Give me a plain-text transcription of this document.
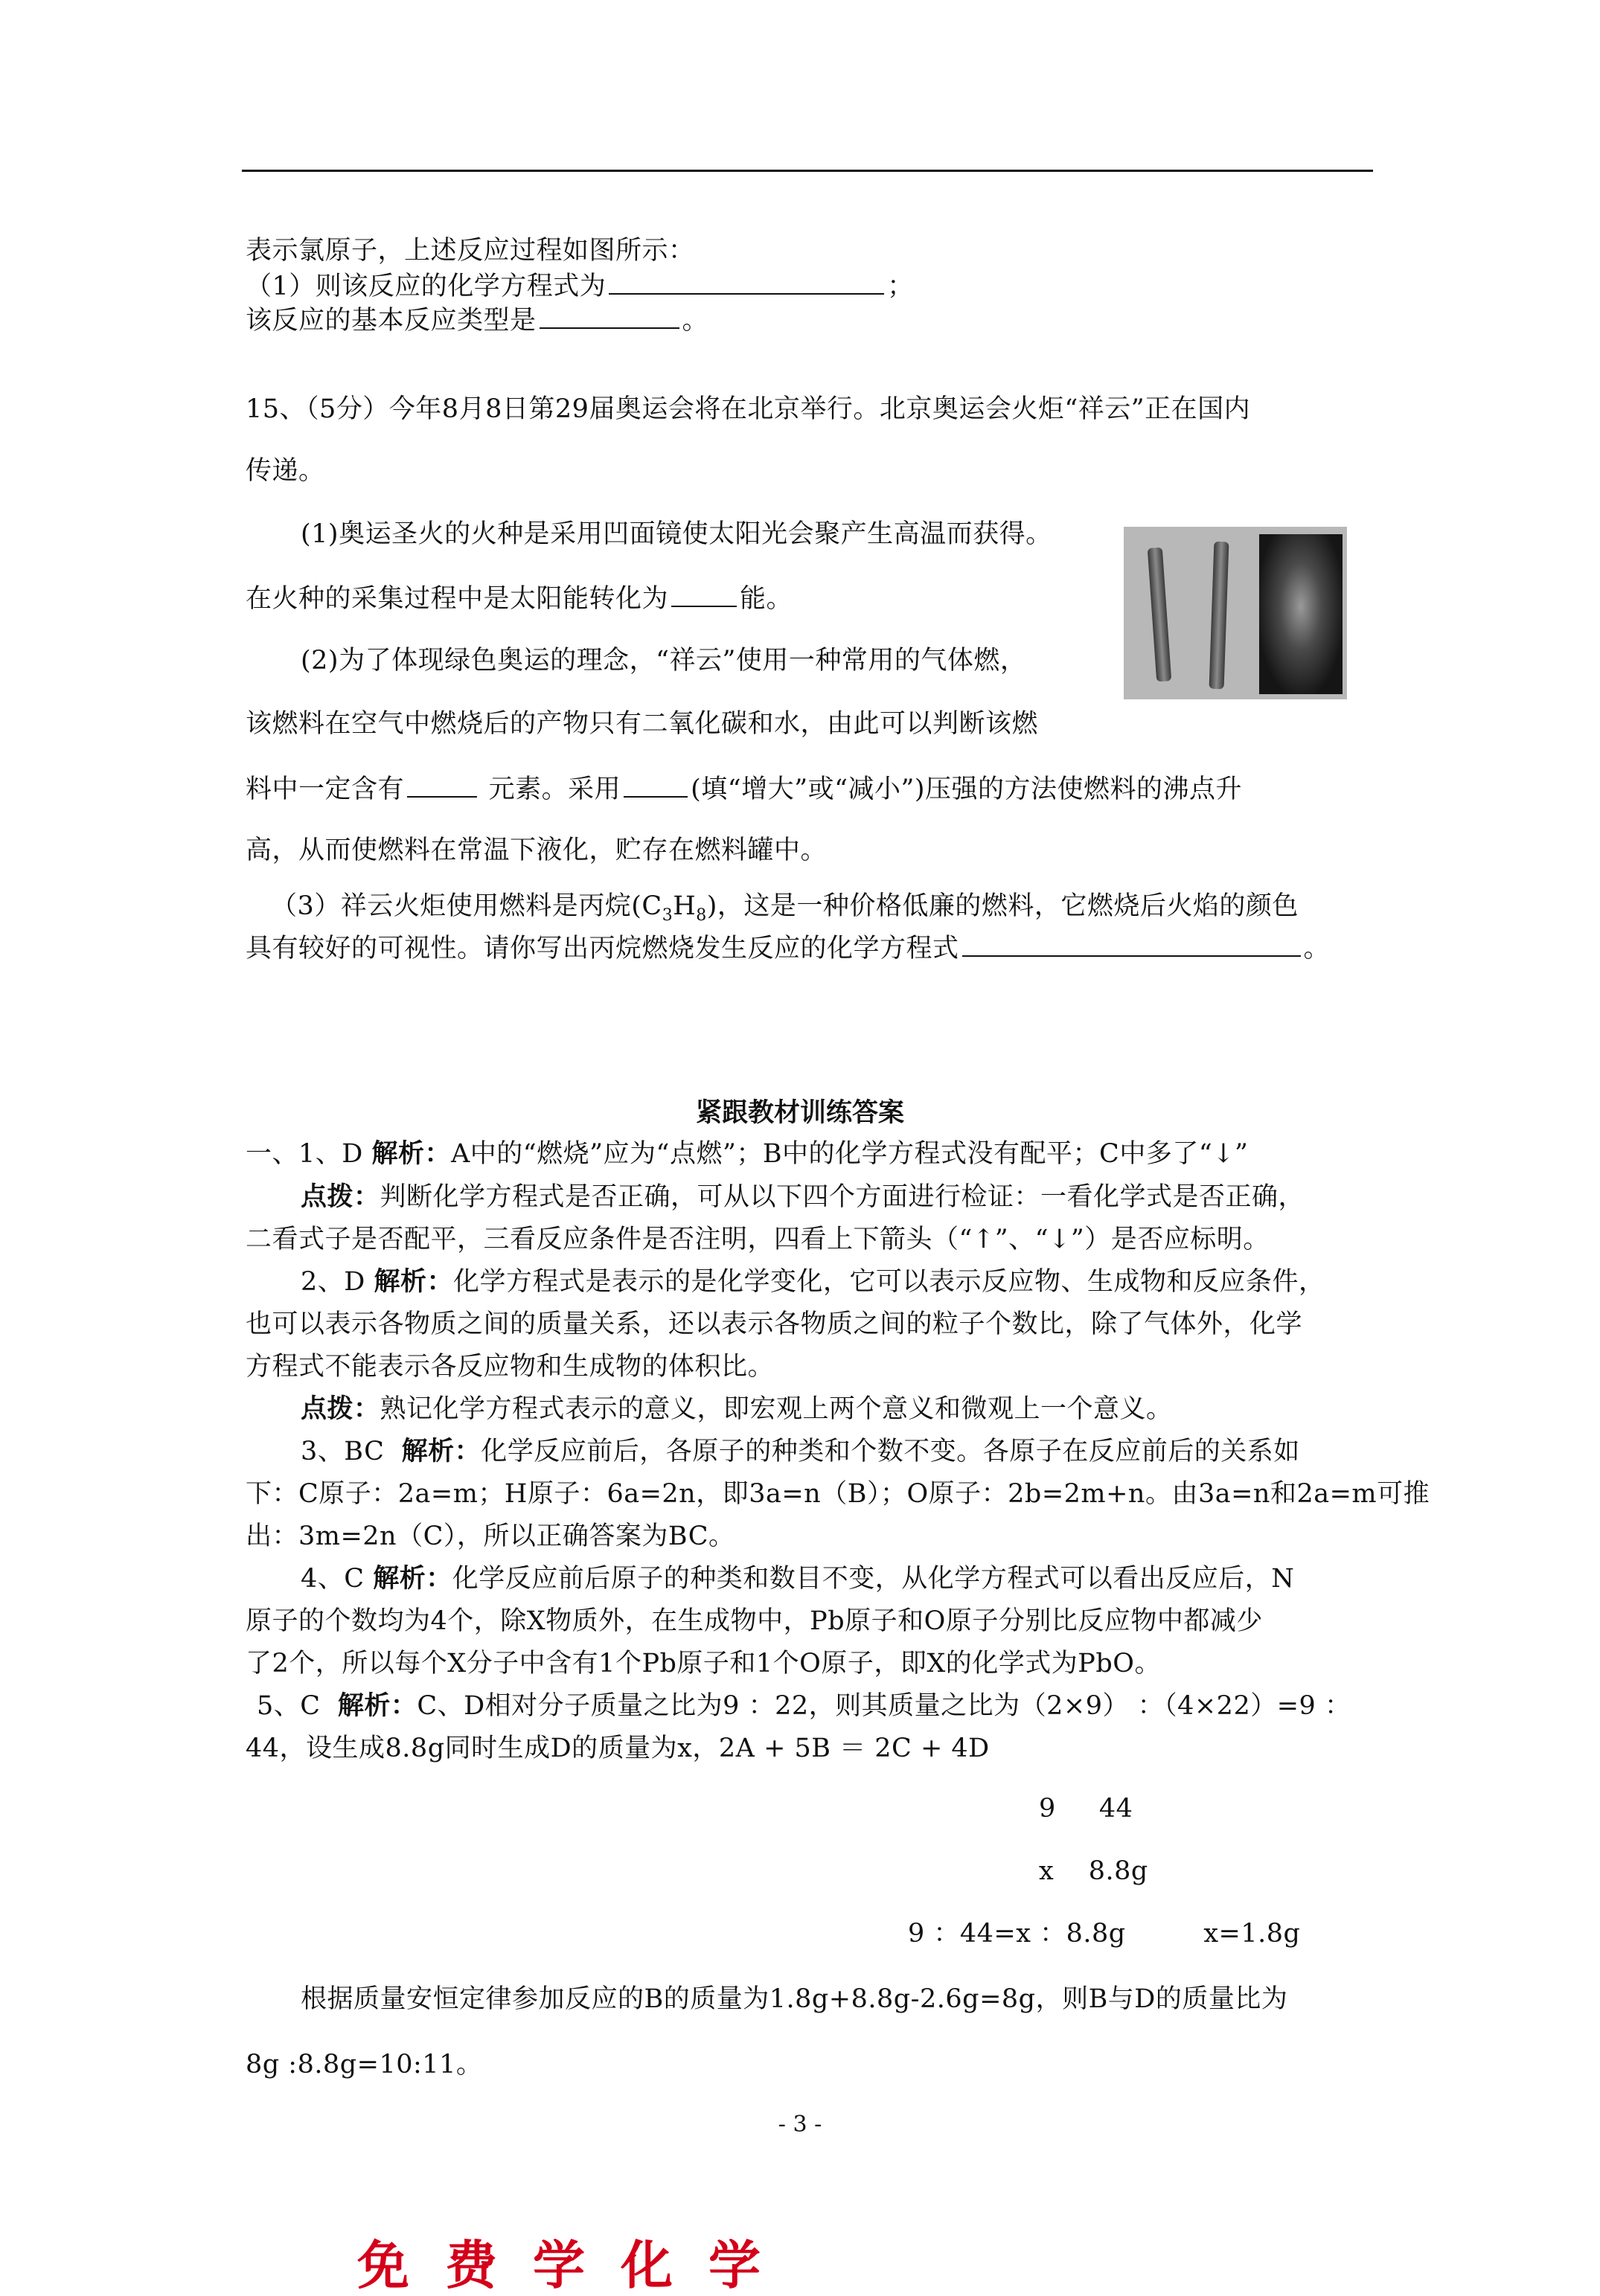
表示氯原子，上述反应过程如图所示：
（1）则该反应的化学方程式为	；
该反应的基本反应类型是	。
15、（5分）今年8月8日第29届奥运会将在北京举行。北京奥运会火炬“祥云”正在国内
传递。
(1)奥运圣火的火种是采用凹面镜使太阳光会聚产生高温而获得。
在火种的采集过程中是太阳能转化为	能。
(2)为了体现绿色奥运的理念，“祥云”使用一种常用的气体燃，
该燃料在空气中燃烧后的产物只有二氧化碳和水，由此可以判断该燃
料中一定含有	元素。采用	(填“增大”或“减小”)压强的方法使燃料的沸点升
高，从而使燃料在常温下液化，贮存在燃料罐中。
（3）祥云火炬使用燃料是丙烷$(C_3H_8)$，这是一种价格低廉的燃料，它燃烧后火焰的颜色
具有较好的可视性。请你写出丙烷燃烧发生反应的化学方程式	。
紧跟教材训练答案
一、1、D 解析：A中的“燃烧”应为“点燃”；B中的化学方程式没有配平；C中多了“↓”
点拨：判断化学方程式是否正确，可从以下四个方面进行检证：一看化学式是否正确，
二看式子是否配平，三看反应条件是否注明，四看上下箭头（“↑”、“↓”）是否应标明。
2、D 解析：化学方程式是表示的是化学变化，它可以表示反应物、生成物和反应条件，
也可以表示各物质之间的质量关系，还以表示各物质之间的粒子个数比，除了气体外，化学
方程式不能表示各反应物和生成物的体积比。
点拨：熟记化学方程式表示的意义，即宏观上两个意义和微观上一个意义。
3、BC  解析：化学反应前后，各原子的种类和个数不变。各原子在反应前后的关系如
下：C原子：2a=m；H原子：6a=2n，即3a=n（B）；O原子：2b=2m+n。由3a=n和2a=m可推
出：3m=2n（C），所以正确答案为BC。
4、C 解析：化学反应前后原子的种类和数目不变，从化学方程式可以看出反应后，N
原子的个数均为4个，除X物质外，在生成物中，Pb原子和O原子分别比反应物中都减少
了2个，所以每个X分子中含有1个Pb原子和1个O原子，即X的化学式为PbO。
5、C  解析：C、D相对分子质量之比为9 ：22，则其质量之比为（2×9） ：（4×22）=9 ：
44，设生成8.8g同时生成D的质量为x，2A + 5B ＝ 2C + 4D
9     44
x    8.8g
9 ：44=x ：8.8g         x=1.8g
根据质量安恒定律参加反应的B的质量为1.8g+8.8g-2.6g=8g，则B与D的质量比为
8g :8.8g=10:11。
- 3 -
免 费 学 化 学
